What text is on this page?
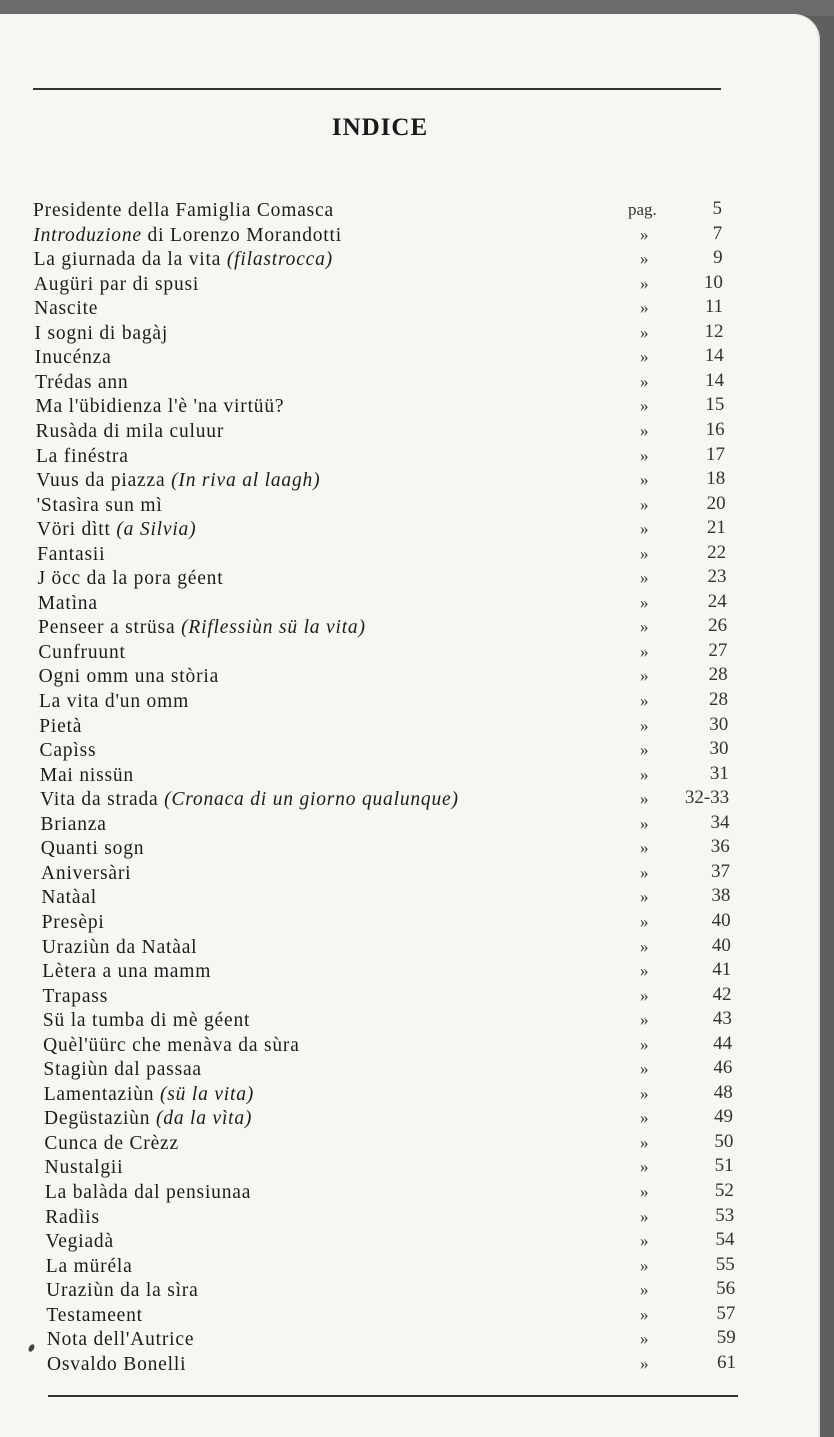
INDICE
Presidente della Famiglia Comasca	pag.	5
Introduzione di Lorenzo Morandotti	»	7
La giurnada da la vita (filastrocca)	»	9
Augüri par di spusi	»	10
Nascite	»	11
I sogni di bagàj	»	12
Inucénza	»	14
Trédas ann	»	14
Ma l'übidienza l'è 'na virtüü?	»	15
Rusàda di mila culuur	»	16
La finéstra	»	17
Vuus da piazza (In riva al laagh)	»	18
'Stasìra sun mì	»	20
Vöri dìtt (a Silvia)	»	21
Fantasii	»	22
J öcc da la pora géent	»	23
Matìna	»	24
Penseer a strüsa (Riflessiùn sü la vita)	»	26
Cunfruunt	»	27
Ogni omm una stòria	»	28
La vita d'un omm	»	28
Pietà	»	30
Capìss	»	30
Mai nissün	»	31
Vita da strada (Cronaca di un giorno qualunque)	»	32-33
Brianza	»	34
Quanti sogn	»	36
Aniversàri	»	37
Natàal	»	38
Presèpi	»	40
Uraziùn da Natàal	»	40
Lètera a una mamm	»	41
Trapass	»	42
Sü la tumba di mè géent	»	43
Quèl'üürc che menàva da sùra	»	44
Stagiùn dal passaa	»	46
Lamentaziùn (sü la vita)	»	48
Degüstaziùn (da la vìta)	»	49
Cunca de Crèzz	»	50
Nustalgii	»	51
La balàda dal pensiunaa	»	52
Radìis	»	53
Vegiadà	»	54
La müréla	»	55
Uraziùn da la sìra	»	56
Testameent	»	57
Nota dell'Autrice	»	59
Osvaldo Bonelli	»	61
